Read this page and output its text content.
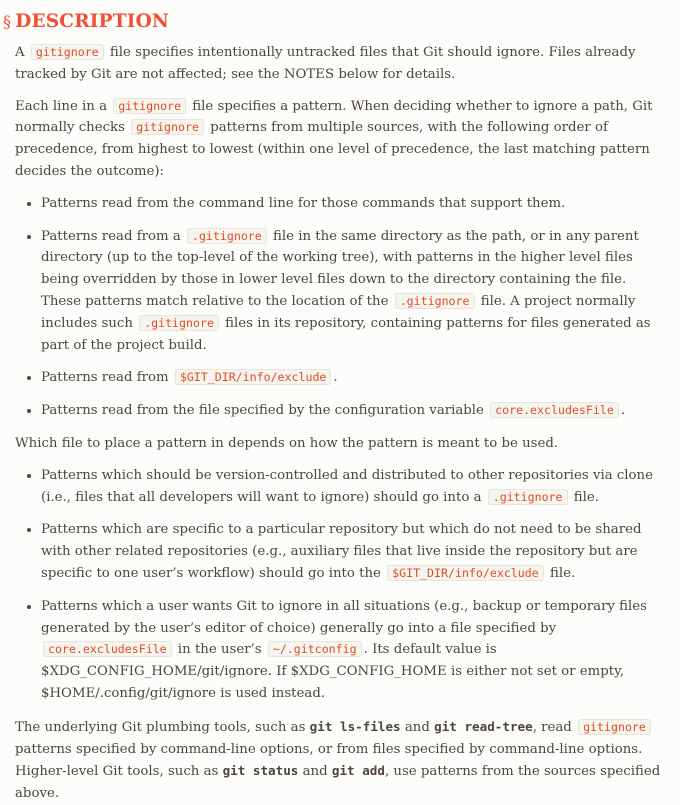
§ DESCRIPTION

A gitignore file specifies intentionally untracked files that Git should ignore. Files already tracked by Git are not affected; see the NOTES below for details.

Each line in a gitignore file specifies a pattern. When deciding whether to ignore a path, Git normally checks gitignore patterns from multiple sources, with the following order of precedence, from highest to lowest (within one level of precedence, the last matching pattern decides the outcome):

• Patterns read from the command line for those commands that support them.
• Patterns read from a .gitignore file in the same directory as the path, or in any parent directory (up to the top-level of the working tree), with patterns in the higher level files being overridden by those in lower level files down to the directory containing the file. These patterns match relative to the location of the .gitignore file. A project normally includes such .gitignore files in its repository, containing patterns for files generated as part of the project build.
• Patterns read from $GIT_DIR/info/exclude .
• Patterns read from the file specified by the configuration variable core.excludesFile .

Which file to place a pattern in depends on how the pattern is meant to be used.

• Patterns which should be version-controlled and distributed to other repositories via clone (i.e., files that all developers will want to ignore) should go into a .gitignore file.
• Patterns which are specific to a particular repository but which do not need to be shared with other related repositories (e.g., auxiliary files that live inside the repository but are specific to one user’s workflow) should go into the $GIT_DIR/info/exclude file.
• Patterns which a user wants Git to ignore in all situations (e.g., backup or temporary files generated by the user’s editor of choice) generally go into a file specified by core.excludesFile in the user’s ~/.gitconfig . Its default value is $XDG_CONFIG_HOME/git/ignore. If $XDG_CONFIG_HOME is either not set or empty, $HOME/.config/git/ignore is used instead.

The underlying Git plumbing tools, such as git ls-files and git read-tree, read gitignore patterns specified by command-line options, or from files specified by command-line options. Higher-level Git tools, such as git status and git add, use patterns from the sources specified above.
